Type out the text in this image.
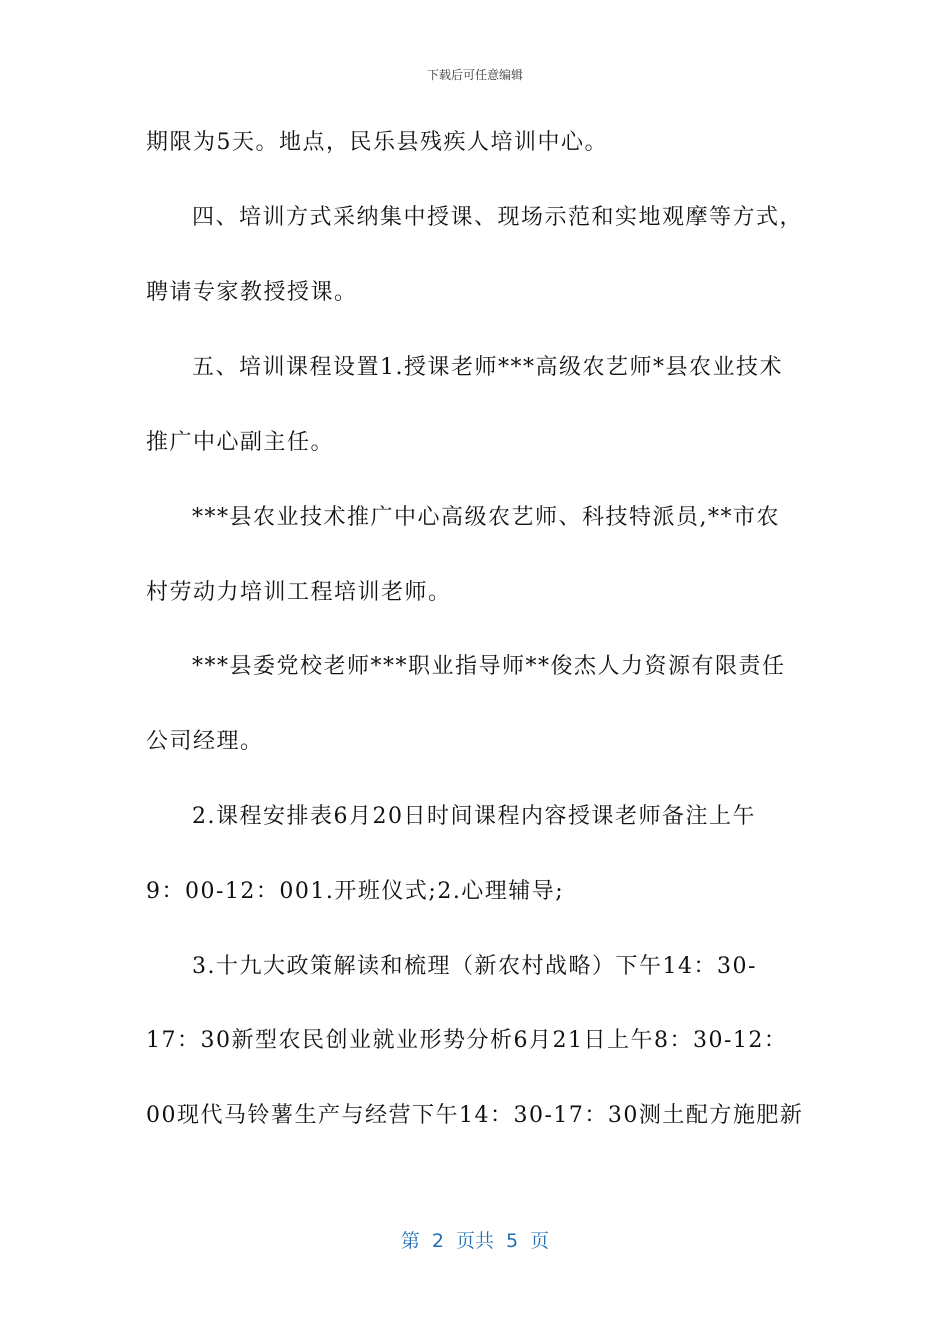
下载后可任意编辑
期限为5天。地点，民乐县残疾人培训中心。
四、培训方式采纳集中授课、现场示范和实地观摩等方式，
聘请专家教授授课。
五、培训课程设置1.授课老师***高级农艺师*县农业技术
推广中心副主任。
***县农业技术推广中心高级农艺师、科技特派员,**市农
村劳动力培训工程培训老师。
***县委党校老师***职业指导师**俊杰人力资源有限责任
公司经理。
2.课程安排表6月20日时间课程内容授课老师备注上午
9：00-12：001.开班仪式;2.心理辅导;
3.十九大政策解读和梳理（新农村战略）下午14：30-
17：30新型农民创业就业形势分析6月21日上午8：30-12：
00现代马铃薯生产与经营下午14：30-17：30测土配方施肥新
第 2 页共 5 页
